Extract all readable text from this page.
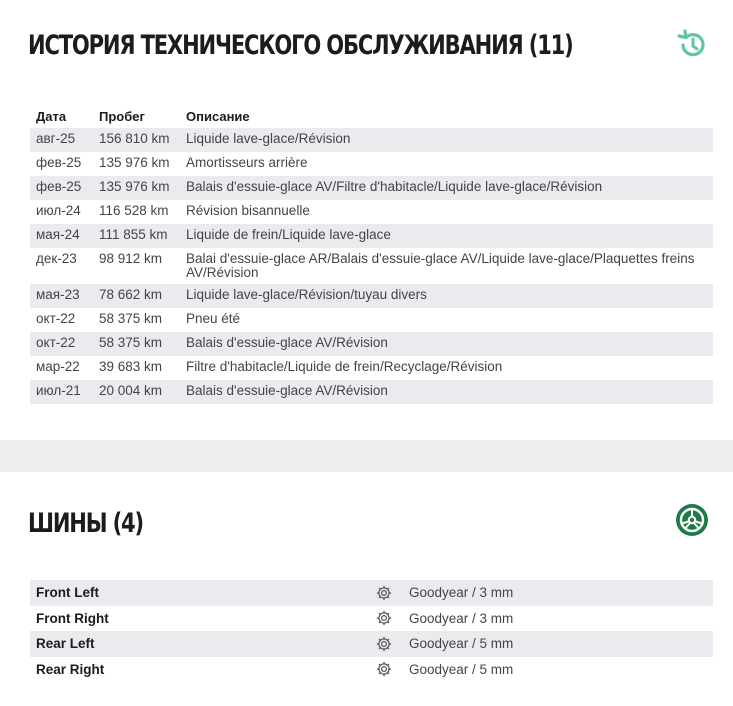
ИСТОРИЯ ТЕХНИЧЕСКОГО ОБСЛУЖИВАНИЯ (11)
Дата	Пробег	Описание
авг-25	156 810 km	Liquide lave-glace/Révision
фев-25	135 976 km	Amortisseurs arrière
фев-25	135 976 km	Balais d'essuie-glace AV/Filtre d'habitacle/Liquide lave-glace/Révision
июл-24	116 528 km	Révision bisannuelle
мая-24	111 855 km	Liquide de frein/Liquide lave-glace
дек-23	98 912 km	Balai d'essuie-glace AR/Balais d'essuie-glace AV/Liquide lave-glace/Plaquettes freins AV/Révision
мая-23	78 662 km	Liquide lave-glace/Révision/tuyau divers
окт-22	58 375 km	Pneu été
окт-22	58 375 km	Balais d'essuie-glace AV/Révision
мар-22	39 683 km	Filtre d'habitacle/Liquide de frein/Recyclage/Révision
июл-21	20 004 km	Balais d'essuie-glace AV/Révision
ШИНЫ (4)
Front Left		Goodyear / 3 mm
Front Right		Goodyear / 3 mm
Rear Left		Goodyear / 5 mm
Rear Right		Goodyear / 5 mm
